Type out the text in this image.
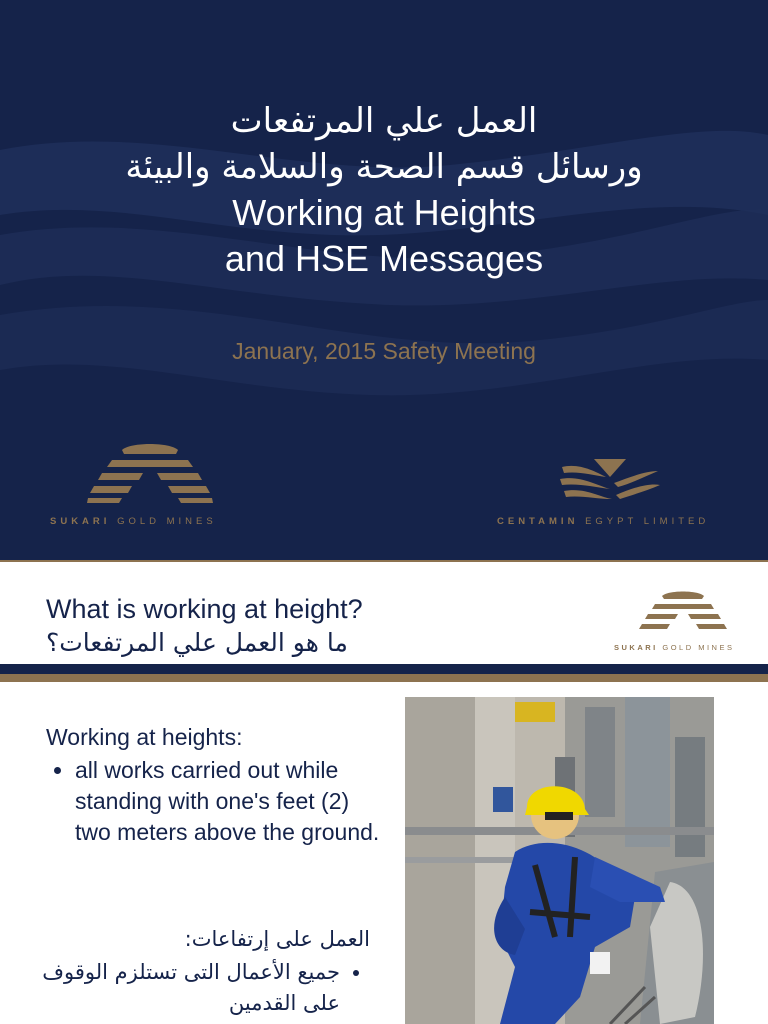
العمل علي المرتفعات
ورسائل قسم الصحة والسلامة والبيئة
Working at Heights
and HSE Messages
January, 2015 Safety Meeting
SUKARI GOLD MINES	CENTAMIN EGYPT LIMITED
What is working at height?
ما هو العمل علي المرتفعات؟	SUKARI GOLD MINES
Working at heights:
• all works carried out while standing with one's feet (2) two meters above the ground.
العمل على إرتفاعات:
• جميع الأعمال التى تستلزم الوقوف على القدمين
